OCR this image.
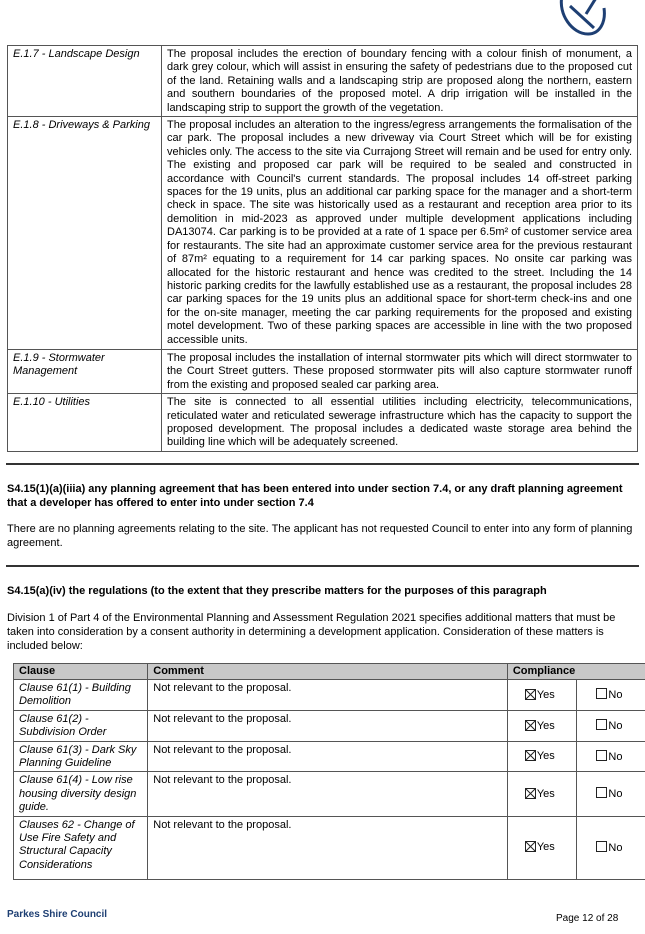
E.1.7 - Landscape Design	The proposal includes the erection of boundary fencing with a colour finish of monument, a dark grey colour, which will assist in ensuring the safety of pedestrians due to the proposed cut of the land. Retaining walls and a landscaping strip are proposed along the northern, eastern and southern boundaries of the proposed motel. A drip irrigation will be installed in the landscaping strip to support the growth of the vegetation.
E.1.8 - Driveways & Parking	The proposal includes an alteration to the ingress/egress arrangements the formalisation of the car park. The proposal includes a new driveway via Court Street which will be for existing vehicles only. The access to the site via Currajong Street will remain and be used for entry only. The existing and proposed car park will be required to be sealed and constructed in accordance with Council's current standards. The proposal includes 14 off-street parking spaces for the 19 units, plus an additional car parking space for the manager and a short-term check in space. The site was historically used as a restaurant and reception area prior to its demolition in mid-2023 as approved under multiple development applications including DA13074. Car parking is to be provided at a rate of 1 space per 6.5m² of customer service area for restaurants. The site had an approximate customer service area for the previous restaurant of 87m² equating to a requirement for 14 car parking spaces. No onsite car parking was allocated for the historic restaurant and hence was credited to the street. Including the 14 historic parking credits for the lawfully established use as a restaurant, the proposal includes 28 car parking spaces for the 19 units plus an additional space for short-term check-ins and one for the on-site manager, meeting the car parking requirements for the proposed and existing motel development. Two of these parking spaces are accessible in line with the two proposed accessible units.
E.1.9 - Stormwater Management	The proposal includes the installation of internal stormwater pits which will direct stormwater to the Court Street gutters. These proposed stormwater pits will also capture stormwater runoff from the existing and proposed sealed car parking area.
E.1.10 - Utilities	The site is connected to all essential utilities including electricity, telecommunications, reticulated water and reticulated sewerage infrastructure which has the capacity to support the proposed development. The proposal includes a dedicated waste storage area behind the building line which will be adequately screened.
S4.15(1)(a)(iiia) any planning agreement that has been entered into under section 7.4, or any draft planning agreement that a developer has offered to enter into under section 7.4
There are no planning agreements relating to the site. The applicant has not requested Council to enter into any form of planning agreement.
S4.15(a)(iv) the regulations (to the extent that they prescribe matters for the purposes of this paragraph
Division 1 of Part 4 of the Environmental Planning and Assessment Regulation 2021 specifies additional matters that must be taken into consideration by a consent authority in determining a development application. Consideration of these matters is included below:
Clause	Comment	Compliance	
Clause 61(1) - Building Demolition	Not relevant to the proposal.	Yes	No
Clause 61(2) - Subdivision Order	Not relevant to the proposal.	Yes	No
Clause 61(3) - Dark Sky Planning Guideline	Not relevant to the proposal.	Yes	No
Clause 61(4) - Low rise housing diversity design guide.	Not relevant to the proposal.	Yes	No
Clauses 62 - Change of Use Fire Safety and Structural Capacity Considerations	Not relevant to the proposal.	Yes	No
Parkes Shire Council	Page 12 of 28
